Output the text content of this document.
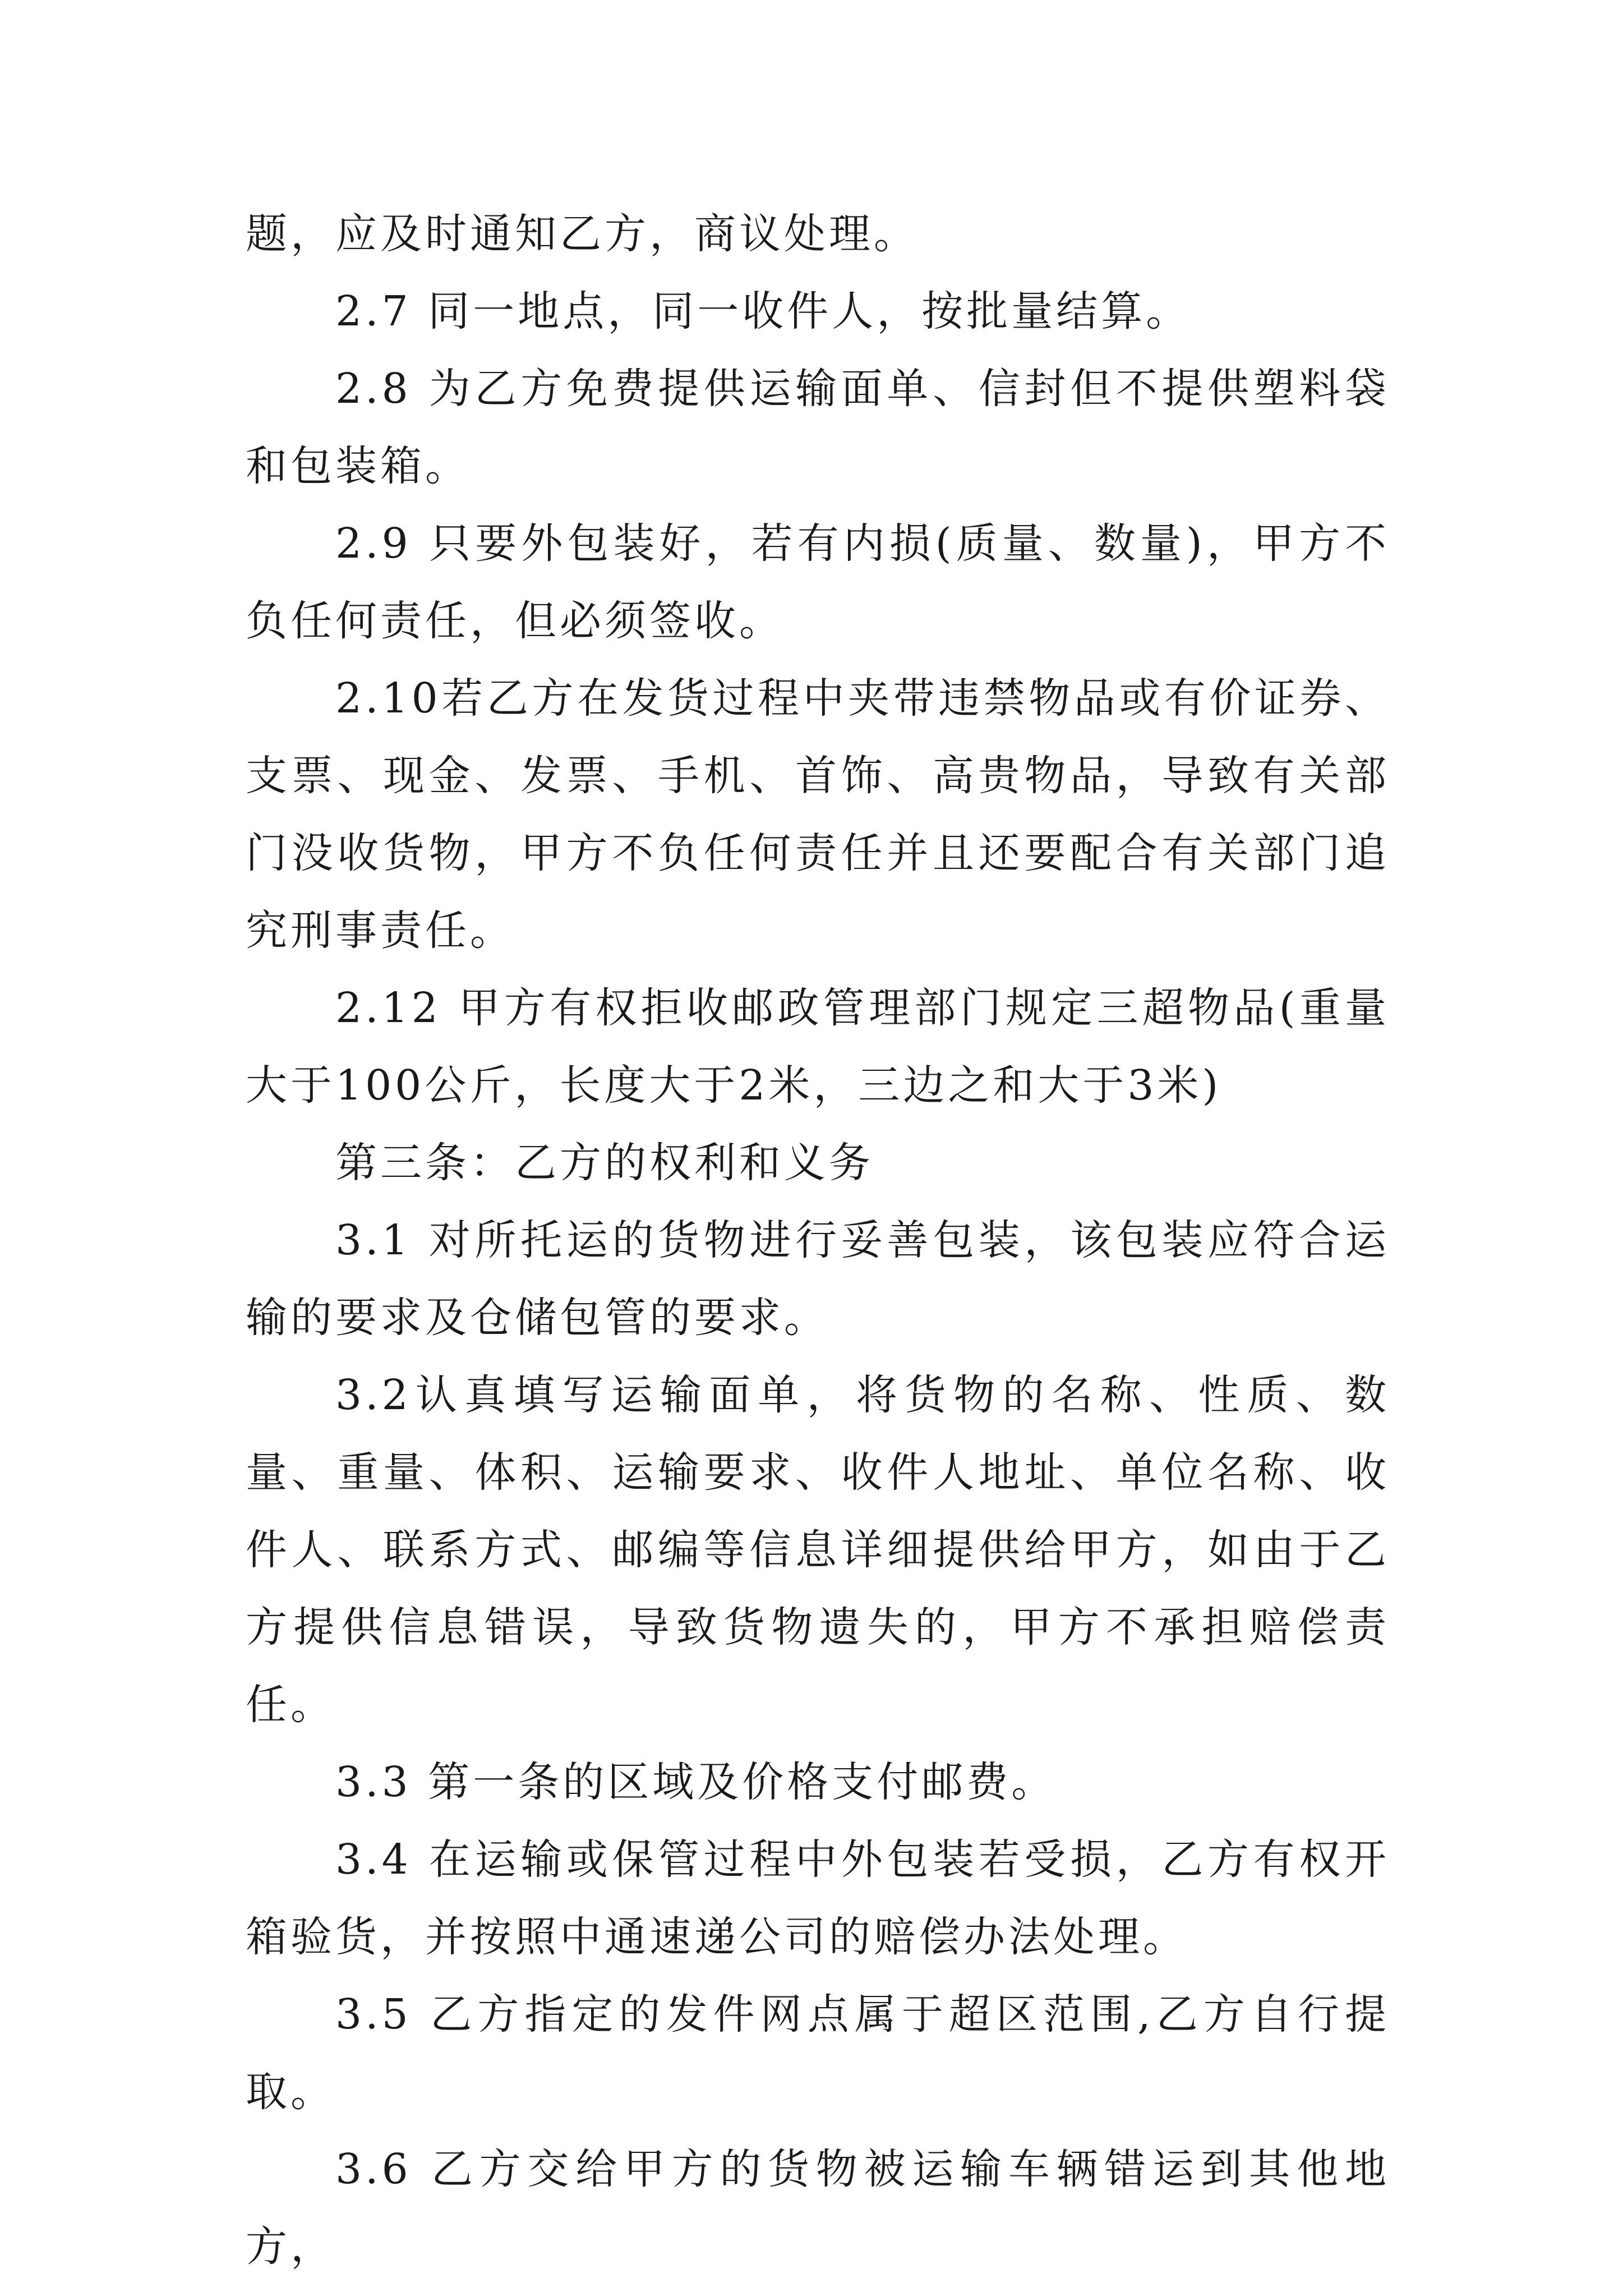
题，应及时通知乙方，商议处理。

2.7 同一地点，同一收件人，按批量结算。

2.8 为乙方免费提供运输面单、信封但不提供塑料袋和包装箱。

2.9 只要外包装好，若有内损(质量、数量)，甲方不负任何责任，但必须签收。

2.10若乙方在发货过程中夹带违禁物品或有价证券、支票、现金、发票、手机、首饰、高贵物品，导致有关部门没收货物，甲方不负任何责任并且还要配合有关部门追究刑事责任。

2.12 甲方有权拒收邮政管理部门规定三超物品(重量大于100公斤，长度大于2米，三边之和大于3米)

第三条：乙方的权利和义务

3.1 对所托运的货物进行妥善包装，该包装应符合运输的要求及仓储包管的要求。

3.2认真填写运输面单，将货物的名称、性质、数量、重量、体积、运输要求、收件人地址、单位名称、收件人、联系方式、邮编等信息详细提供给甲方，如由于乙方提供信息错误，导致货物遗失的，甲方不承担赔偿责任。

3.3 第一条的区域及价格支付邮费。

3.4 在运输或保管过程中外包装若受损，乙方有权开箱验货，并按照中通速递公司的赔偿办法处理。

3.5 乙方指定的发件网点属于超区范围,乙方自行提取。

3.6 乙方交给甲方的货物被运输车辆错运到其他地方，
